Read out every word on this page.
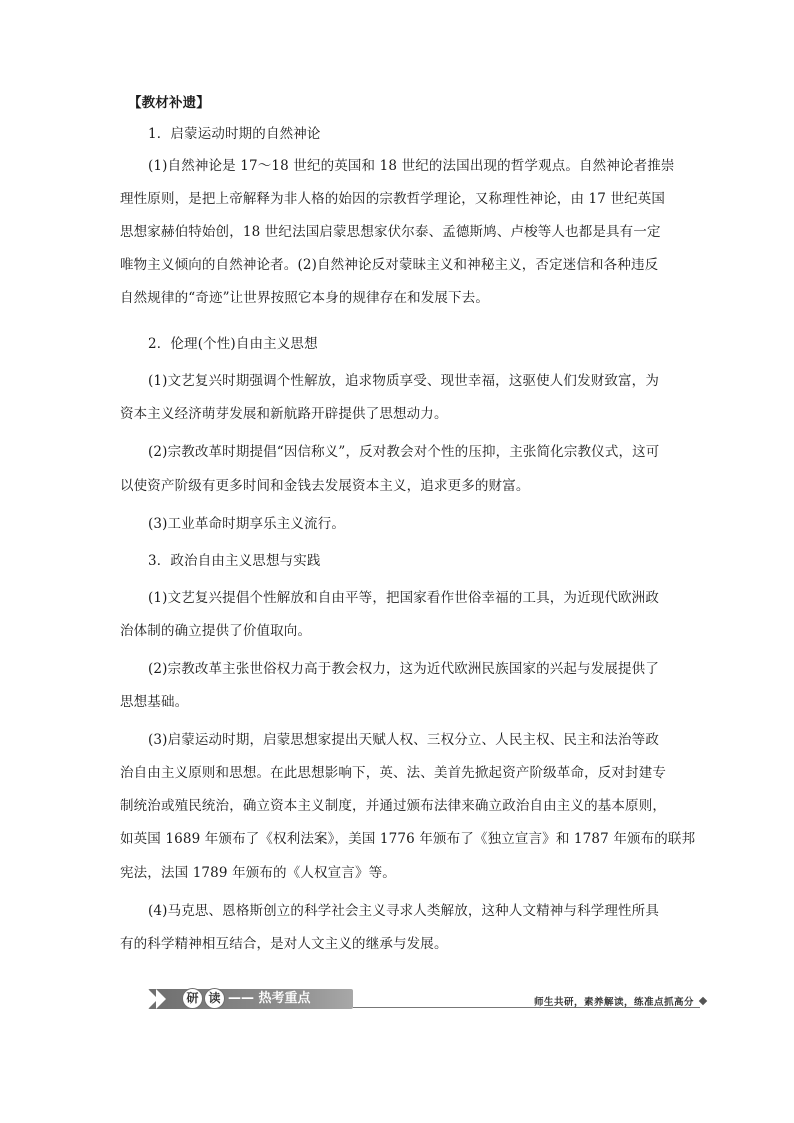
【教材补遗】
1．启蒙运动时期的自然神论
(1)自然神论是 17～18 世纪的英国和 18 世纪的法国出现的哲学观点。自然神论者推崇
理性原则，是把上帝解释为非人格的始因的宗教哲学理论，又称理性神论，由 17 世纪英国
思想家赫伯特始创，18 世纪法国启蒙思想家伏尔泰、孟德斯鸠、卢梭等人也都是具有一定
唯物主义倾向的自然神论者。(2)自然神论反对蒙昧主义和神秘主义，否定迷信和各种违反
自然规律的“奇迹”让世界按照它本身的规律存在和发展下去。
2．伦理(个性)自由主义思想
(1)文艺复兴时期强调个性解放，追求物质享受、现世幸福，这驱使人们发财致富，为
资本主义经济萌芽发展和新航路开辟提供了思想动力。
(2)宗教改革时期提倡“因信称义”，反对教会对个性的压抑，主张简化宗教仪式，这可
以使资产阶级有更多时间和金钱去发展资本主义，追求更多的财富。
(3)工业革命时期享乐主义流行。
3．政治自由主义思想与实践
(1)文艺复兴提倡个性解放和自由平等，把国家看作世俗幸福的工具，为近现代欧洲政
治体制的确立提供了价值取向。
(2)宗教改革主张世俗权力高于教会权力，这为近代欧洲民族国家的兴起与发展提供了
思想基础。
(3)启蒙运动时期，启蒙思想家提出天赋人权、三权分立、人民主权、民主和法治等政
治自由主义原则和思想。在此思想影响下，英、法、美首先掀起资产阶级革命，反对封建专
制统治或殖民统治，确立资本主义制度，并通过颁布法律来确立政治自由主义的基本原则，
如英国 1689 年颁布了《权利法案》，美国 1776 年颁布了《独立宣言》和 1787 年颁布的联邦
宪法，法国 1789 年颁布的《人权宣言》等。
(4)马克思、恩格斯创立的科学社会主义寻求人类解放，这种人文精神与科学理性所具
有的科学精神相互结合，是对人文主义的继承与发展。
研 读 —— 热考重点	师生共研，素养解读，练准点抓高分
